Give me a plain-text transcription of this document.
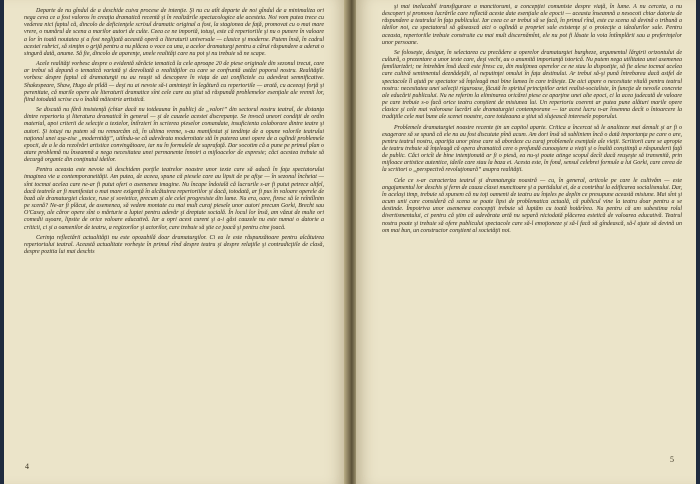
Departe de nu gîndul de a deschide cuiva procese de intenţie. Şi nu cu atît departe de noi gîndul de a minimaliza ori nega ceva ce a fost valoros în creaţia dramatică recentă şi în realizările spectacologice ale acesteia. Noi vom putea trece cu vederea nici faptul că, dincolo de deficienţele scrisul dramatic original a fost, la stagionea de faţă, promovat cu o mai mare vrere, o numărul de scena a marilor autori de culte. Ceea ce ne importă, totuşi, este că repertoriile şi nu o punere în valoare a lor în toată noutatea şi a fost neglijată această operă a literaturii universale — clasice şi moderne. Putem însă, în cadrul acestei rubrici, să simţim o grijă pentru a nu plăcea o voce ca una, a acelor dramaturgi pentru a cărui răspundere a aderat o singură dată, anume. Să fie, dincolo de aparenţe, unele realităţi care nu pot şi nu trebuie să ne scape.

Acele realităţi vorbesc despre o evidentă sărăcie tematică la cele aproape 20 de piese originale din sezonul trecut, care ar trebui să depună o tematică variată şi dezvoltată a realităţilor cu care se confruntă astăzi poporul nostru. Realităţile vorbesc despre faptul că dramaturgii nu au reuşit să descopere în viaţa de azi conflictele cu adevărat semnificative. Shakespeare, Shaw, Hugo de pildă — deşi nu ai nevoie să-i aminteşti în legătură cu repertoriile — arată, cu aceeaşi forţă şi perenitate, că marile opere ale literaturii dramatice sînt cele care au ştiut să răspundă problemelor esenţiale ale vremii lor, fiind totodată scrise cu o înaltă măiestrie artistică.

Se discută nu fără insistenţă (chiar dacă nu totdeauna în public) de „valori” din sectorul nostru teatral, de distanţa dintre repertoriu şi literatura dramatică în general — şi de cauzele acestei discrepanţe. Se invocă uneori condiţii de ordin material, apoi criterii de selecţie a textelor, întîrzieri în scrierea pieselor comandate, insuficienta colaborare dintre teatre şi autori. Şi totuşi nu putem să nu remarcăm că, în ultima vreme, s-au manifestat şi tendinţe de a opune valorile teatrului naţional unei aşa-zise „modernităţi”, uitîndu-se că adevărata modernitate stă în puterea unei opere de a oglindi problemele epocii, de a le da rezolvări artistice convingătoare, iar nu în formulele de suprafaţă. Dar socotim că a pune pe primul plan o atare problemă nu înseamnă a nega necesitatea unei permanente înnoiri a mijloacelor de expresie; căci acestea trebuie să decurgă organic din conţinutul ideilor.

Pentru aceasta este nevoie să deschidem porţile teatrelor noastre unor texte care să aducă în faţa spectatorului imaginea vie a contemporaneităţii. Am putea, de aceea, spune că piesele care au lipsit de pe afişe — în sezonul încheiat — sînt tocmai acelea care ne-ar fi putut oferi o asemenea imagine. Nu încape îndoială că lucrurile s-ar fi putut petrece altfel, dacă teatrele ar fi manifestat o mai mare exigenţă în alcătuirea repertoriilor şi dacă, totodată, ar fi pus în valoare operele de bază ale dramaturgiei clasice, ruse şi sovietice, precum şi ale celei progresiste din lume. Nu era, oare, firesc să le reîntîlnim pe scenă? Ne-ar fi plăcut, de asemenea, să vedem montate cu mai mult curaj piesele unor autori precum Gorki, Brecht sau O'Casey, ale căror opere sînt o mărturie a luptei pentru adevăr şi dreptate socială. În locul lor însă, am văzut de multe ori comedii uşoare, lipsite de orice valoare educativă. Iar a opri acest curent şi a-i găsi cauzele nu este numai o datorie a criticii, ci şi a oamenilor de teatru, a regizorilor şi actorilor, care trebuie să ştie ce joacă şi pentru cine joacă.

Cerinţa reflectării actualităţii nu este opozabilă doar dramaturgilor. Ci ea le este răspunzătoare pentru alcătuirea repertoriului teatral. Această actualitate vorbeşte în primul rînd despre teatru şi despre relaţiile şi contradicţiile de clasă, despre pozitia lui mai deschis

4

şi mai inelucabil transfigurare a mancitorumi, a concepţiei comuniste despre viaţă, în lume. A nu cerceta, a nu descoperi şi promova lucrările care reflectă aceste date esenţiale ale epocii — aceasta înseamnă a nesocoti chiar datoria de răspundere a teatrului în faţa publicului. Iar ceea ce ar trebui să se facă, în primul rînd, este ca scena să devină o tribună a ideilor noi, ca spectatorul să găsească aici o oglindă a propriei sale existenţe şi o proiecţie a idealurilor sale. Pentru aceasta, repertoriile trebuie construite cu mai mult discernămînt, ele nu pot fi lăsate la voia întîmplării sau a preferinţelor unor persoane.

Se foloseşte, desigur, în selectarea cu precădere a operelor dramaturgiei burgheze, argumentul lărgirii orizontului de cultură, o prezentare a unor texte care, deşi vechi, au o anumită importanţă istorică. Nu putem nega utilitatea unei asemenea familiarizări; ne întrebăm însă dacă este firesc ca, din mulţimea operelor ce ne stau la dispoziţie, să fie alese tocmai acelea care cultivă sentimentul deznădejdii, al neputinţei omului în faţa destinului. Ar trebui să-şi pună întrebarea dacă astfel de spectacole îl ajută pe spectator să înţeleagă mai bine lumea în care trăieşte. De aici apare o necesitate vitală pentru teatrul nostru: necesitatea unei selecţii riguroase, făcută în spiritul principiilor artei realist-socialiste, în funcţie de nevoile concrete ale educării publicului. Nu ne referim la eliminarea oricărei piese ce aparţine unei alte epoci, ci la acea judecată de valoare pe care trebuie s-o facă orice teatru conştient de misiunea lui. Un repertoriu coerent ar putea pune alături marile opere clasice şi cele mai valoroase lucrări ale dramaturgiei contemporane — iar acest lucru n-ar însemna decît o întoarcere la tradiţiile cele mai bune ale scenei noastre, care totdeauna a ştiut să slujească interesele poporului.

Problemele dramaturgiei noastre recente ţin un capitol aparte. Critica a încercat să le analizeze mai demult şi ar fi o exagerare să se spună că ele nu au fost discutate pînă acum. Am dori însă să subliniem încă o dată importanţa pe care o are, pentru teatrul nostru, apariţia unor piese care să abordeze cu curaj problemele esenţiale ale vieţii. Scriitorii care se apropie de teatru trebuie să înţeleagă că opera dramatică cere o profundă cunoaştere a vieţii şi o înaltă conştiinţă a răspunderii faţă de public. Căci oricît de bine intenţionată ar fi o piesă, ea nu-şi poate atinge scopul decît dacă reuşeşte să transmită, prin mijloace artistice autentice, ideile care stau la baza ei. Acesta este, în fond, sensul celebrei formule a lui Gorki, care cerea de la scriitori o „perspectivă revoluţionară” asupra realităţii.

Cele ce s-ar caracteriza teatrul şi dramaturgia noastră — cu, în general, articole pe care le cultivăm — este angajamentul lor deschis şi ferm de cauza clasei muncitoare şi a partidului ei, de a contribui la edificarea socialismului. Dar, în acelaşi timp, trebuie să spunem că nu toţi oamenii de teatru au înţeles pe deplin ce presupune această misiune. Mai sînt şi acum unii care consideră că scena se poate lipsi de problematica actuală, că publicul vine la teatru doar pentru a se destinde. Împotriva unor asemenea concepţii trebuie să luptăm cu toată hotărîrea. Nu pentru că am subestima rolul divertismentului, ci pentru că ştim că adevărata artă nu separă niciodată plăcerea estetică de valoarea educativă. Teatrul nostru poate şi trebuie să ofere publicului spectacole care să-l emoţioneze şi să-l facă să gîndească, să-l ajute să devină un om mai bun, un constructor conştient al societăţii noi.

5
